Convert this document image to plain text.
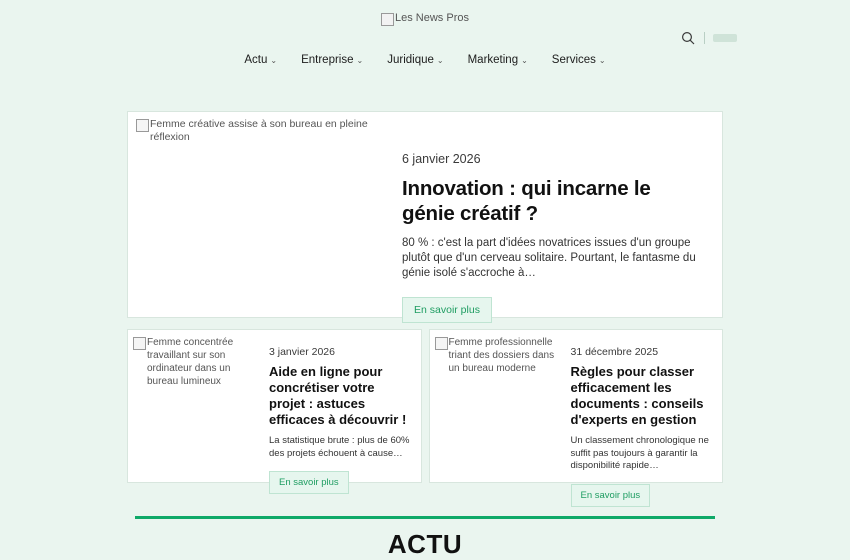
Les News Pros
Actu ⌄ Entreprise ⌄ Juridique ⌄ Marketing ⌄ Services ⌄
Femme créative assise à son bureau en pleine réflexion
6 janvier 2026
Innovation : qui incarne le génie créatif ?

80 % : c'est la part d'idées novatrices issues d'un groupe plutôt que d'un cerveau solitaire. Pourtant, le fantasme du génie isolé s'accroche à…

En savoir plus
Femme concentrée travaillant sur son ordinateur dans un bureau lumineux
3 janvier 2026
Aide en ligne pour concrétiser votre projet : astuces efficaces à découvrir !

La statistique brute : plus de 60% des projets échouent à cause…

En savoir plus
Femme professionnelle triant des dossiers dans un bureau moderne
31 décembre 2025
Règles pour classer efficacement les documents : conseils d'experts en gestion

Un classement chronologique ne suffit pas toujours à garantir la disponibilité rapide…

En savoir plus
ACTU
